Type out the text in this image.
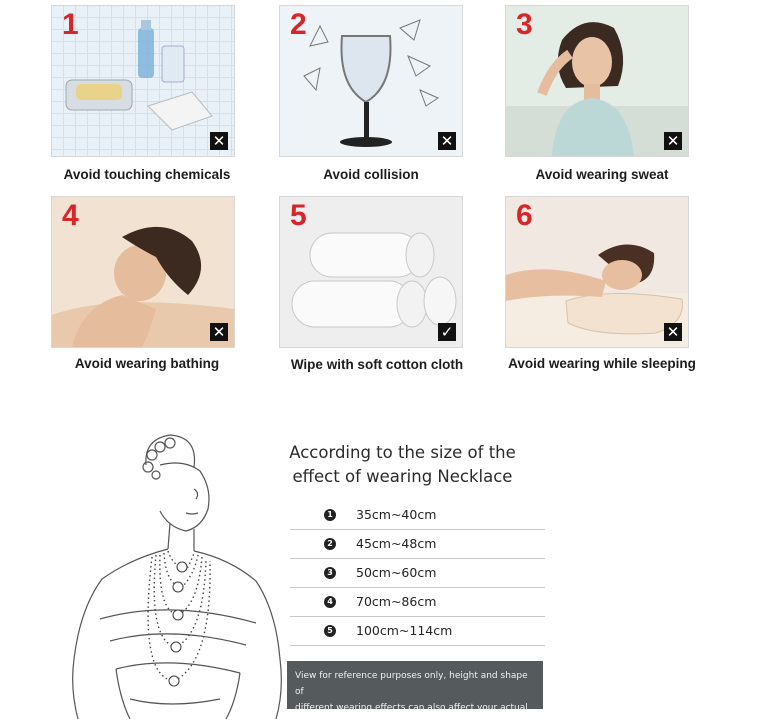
1
✕
2
✕
3
✕
4
✕
5
✓
6
✕
Avoid touching chemicals	Avoid collision	Avoid wearing sweat
Avoid wearing bathing	Wipe with soft cotton cloth	Avoid wearing while sleeping
According to the size of the
effect of wearing Necklace
1 35cm~40cm
2 45cm~48cm
3 50cm~60cm
4 70cm~86cm
5 100cm~114cm
View for reference purposes only, height and shape of
different wearing effects can also affect your actual
